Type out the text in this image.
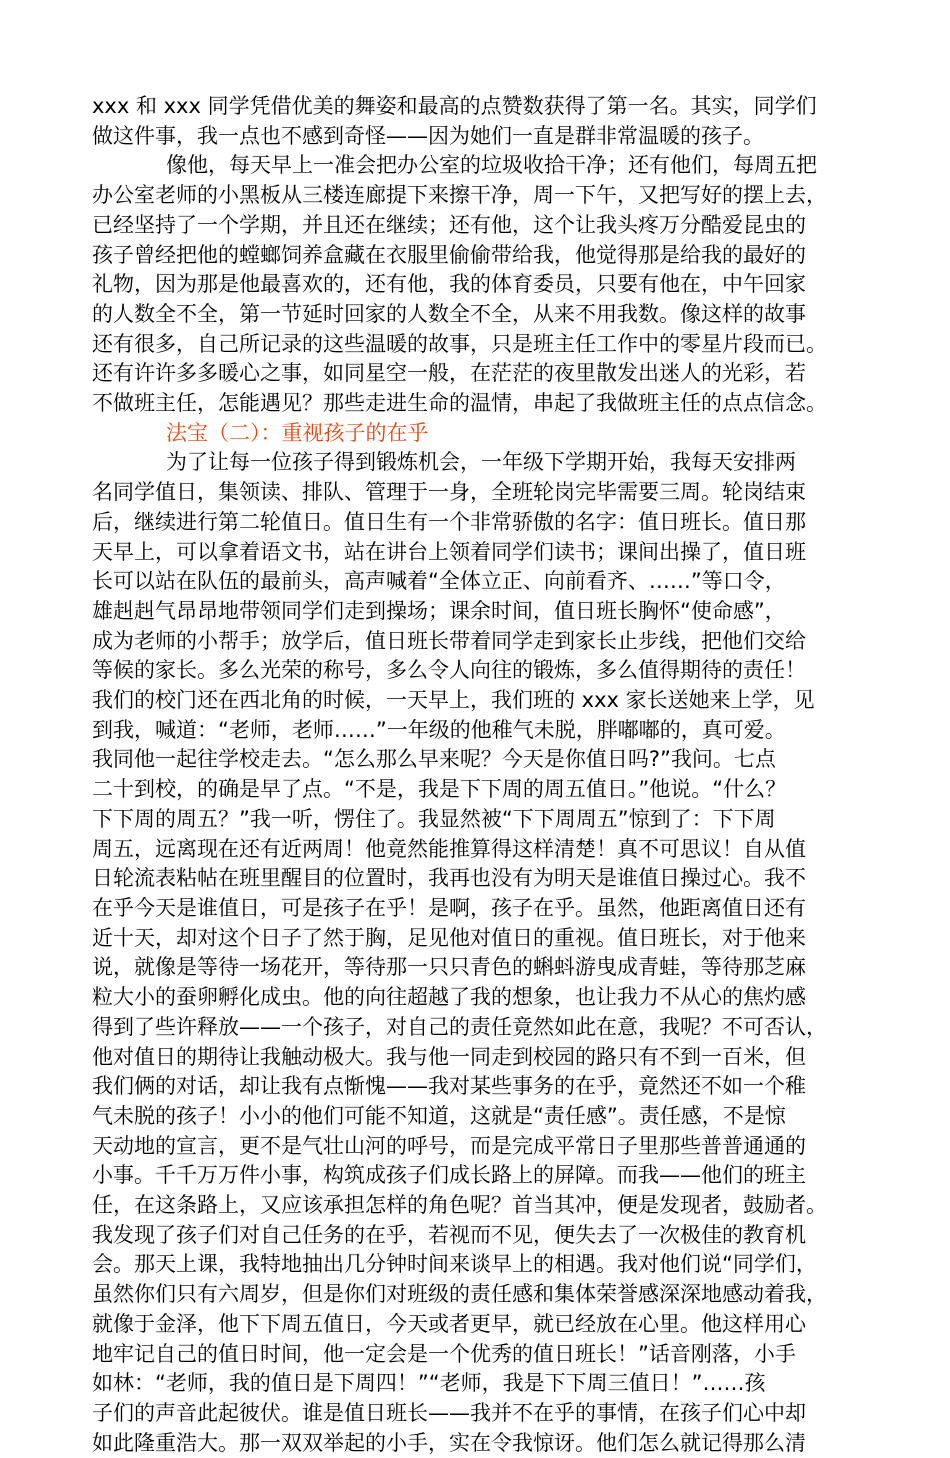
xxx 和 xxx 同学凭借优美的舞姿和最高的点赞数获得了第一名。其实，同学们
做这件事，我一点也不感到奇怪——因为她们一直是群非常温暖的孩子。
像他，每天早上一准会把办公室的垃圾收拾干净；还有他们，每周五把
办公室老师的小黑板从三楼连廊提下来擦干净，周一下午，又把写好的摆上去，
已经坚持了一个学期，并且还在继续；还有他，这个让我头疼万分酷爱昆虫的
孩子曾经把他的螳螂饲养盒藏在衣服里偷偷带给我，他觉得那是给我的最好的
礼物，因为那是他最喜欢的，还有他，我的体育委员，只要有他在，中午回家
的人数全不全，第一节延时回家的人数全不全，从来不用我数。像这样的故事
还有很多，自己所记录的这些温暖的故事，只是班主任工作中的零星片段而已。
还有许许多多暖心之事，如同星空一般，在茫茫的夜里散发出迷人的光彩，若
不做班主任，怎能遇见？那些走进生命的温情，串起了我做班主任的点点信念。
法宝（二）：重视孩子的在乎
为了让每一位孩子得到锻炼机会，一年级下学期开始，我每天安排两
名同学值日，集领读、排队、管理于一身，全班轮岗完毕需要三周。轮岗结束
后，继续进行第二轮值日。值日生有一个非常骄傲的名字：值日班长。值日那
天早上，可以拿着语文书，站在讲台上领着同学们读书；课间出操了，值日班
长可以站在队伍的最前头，高声喊着“全体立正、向前看齐、……”等口令，
雄赳赳气昂昂地带领同学们走到操场；课余时间，值日班长胸怀“使命感”，
成为老师的小帮手；放学后，值日班长带着同学走到家长止步线，把他们交给
等候的家长。多么光荣的称号，多么令人向往的锻炼，多么值得期待的责任！
我们的校门还在西北角的时候，一天早上，我们班的 xxx 家长送她来上学，见
到我，喊道：“老师，老师……”一年级的他稚气未脱，胖嘟嘟的，真可爱。
我同他一起往学校走去。“怎么那么早来呢？今天是你值日吗?”我问。七点
二十到校，的确是早了点。“不是，我是下下周的周五值日。”他说。“什么？
下下周的周五？”我一听，愣住了。我显然被“下下周周五”惊到了：下下周
周五，远离现在还有近两周！他竟然能推算得这样清楚！真不可思议！自从值
日轮流表粘帖在班里醒目的位置时，我再也没有为明天是谁值日操过心。我不
在乎今天是谁值日，可是孩子在乎！是啊，孩子在乎。虽然，他距离值日还有
近十天，却对这个日子了然于胸，足见他对值日的重视。值日班长，对于他来
说，就像是等待一场花开，等待那一只只青色的蝌蚪游曳成青蛙，等待那芝麻
粒大小的蚕卵孵化成虫。他的向往超越了我的想象，也让我力不从心的焦灼感
得到了些许释放——一个孩子，对自己的责任竟然如此在意，我呢？不可否认，
他对值日的期待让我触动极大。我与他一同走到校园的路只有不到一百米，但
我们俩的对话，却让我有点惭愧——我对某些事务的在乎，竟然还不如一个稚
气未脱的孩子！小小的他们可能不知道，这就是“责任感”。责任感，不是惊
天动地的宣言，更不是气壮山河的呼号，而是完成平常日子里那些普普通通的
小事。千千万万件小事，构筑成孩子们成长路上的屏障。而我——他们的班主
任，在这条路上，又应该承担怎样的角色呢？首当其冲，便是发现者，鼓励者。
我发现了孩子们对自己任务的在乎，若视而不见，便失去了一次极佳的教育机
会。那天上课，我特地抽出几分钟时间来谈早上的相遇。我对他们说“同学们，
虽然你们只有六周岁，但是你们对班级的责任感和集体荣誉感深深地感动着我，
就像于金泽，他下下周五值日，今天或者更早，就已经放在心里。他这样用心
地牢记自己的值日时间，他一定会是一个优秀的值日班长！”话音刚落，小手
如林：“老师，我的值日是下周四！”“老师，我是下下周三值日！”……孩
子们的声音此起彼伏。谁是值日班长——我并不在乎的事情，在孩子们心中却
如此隆重浩大。那一双双举起的小手，实在令我惊讶。他们怎么就记得那么清
